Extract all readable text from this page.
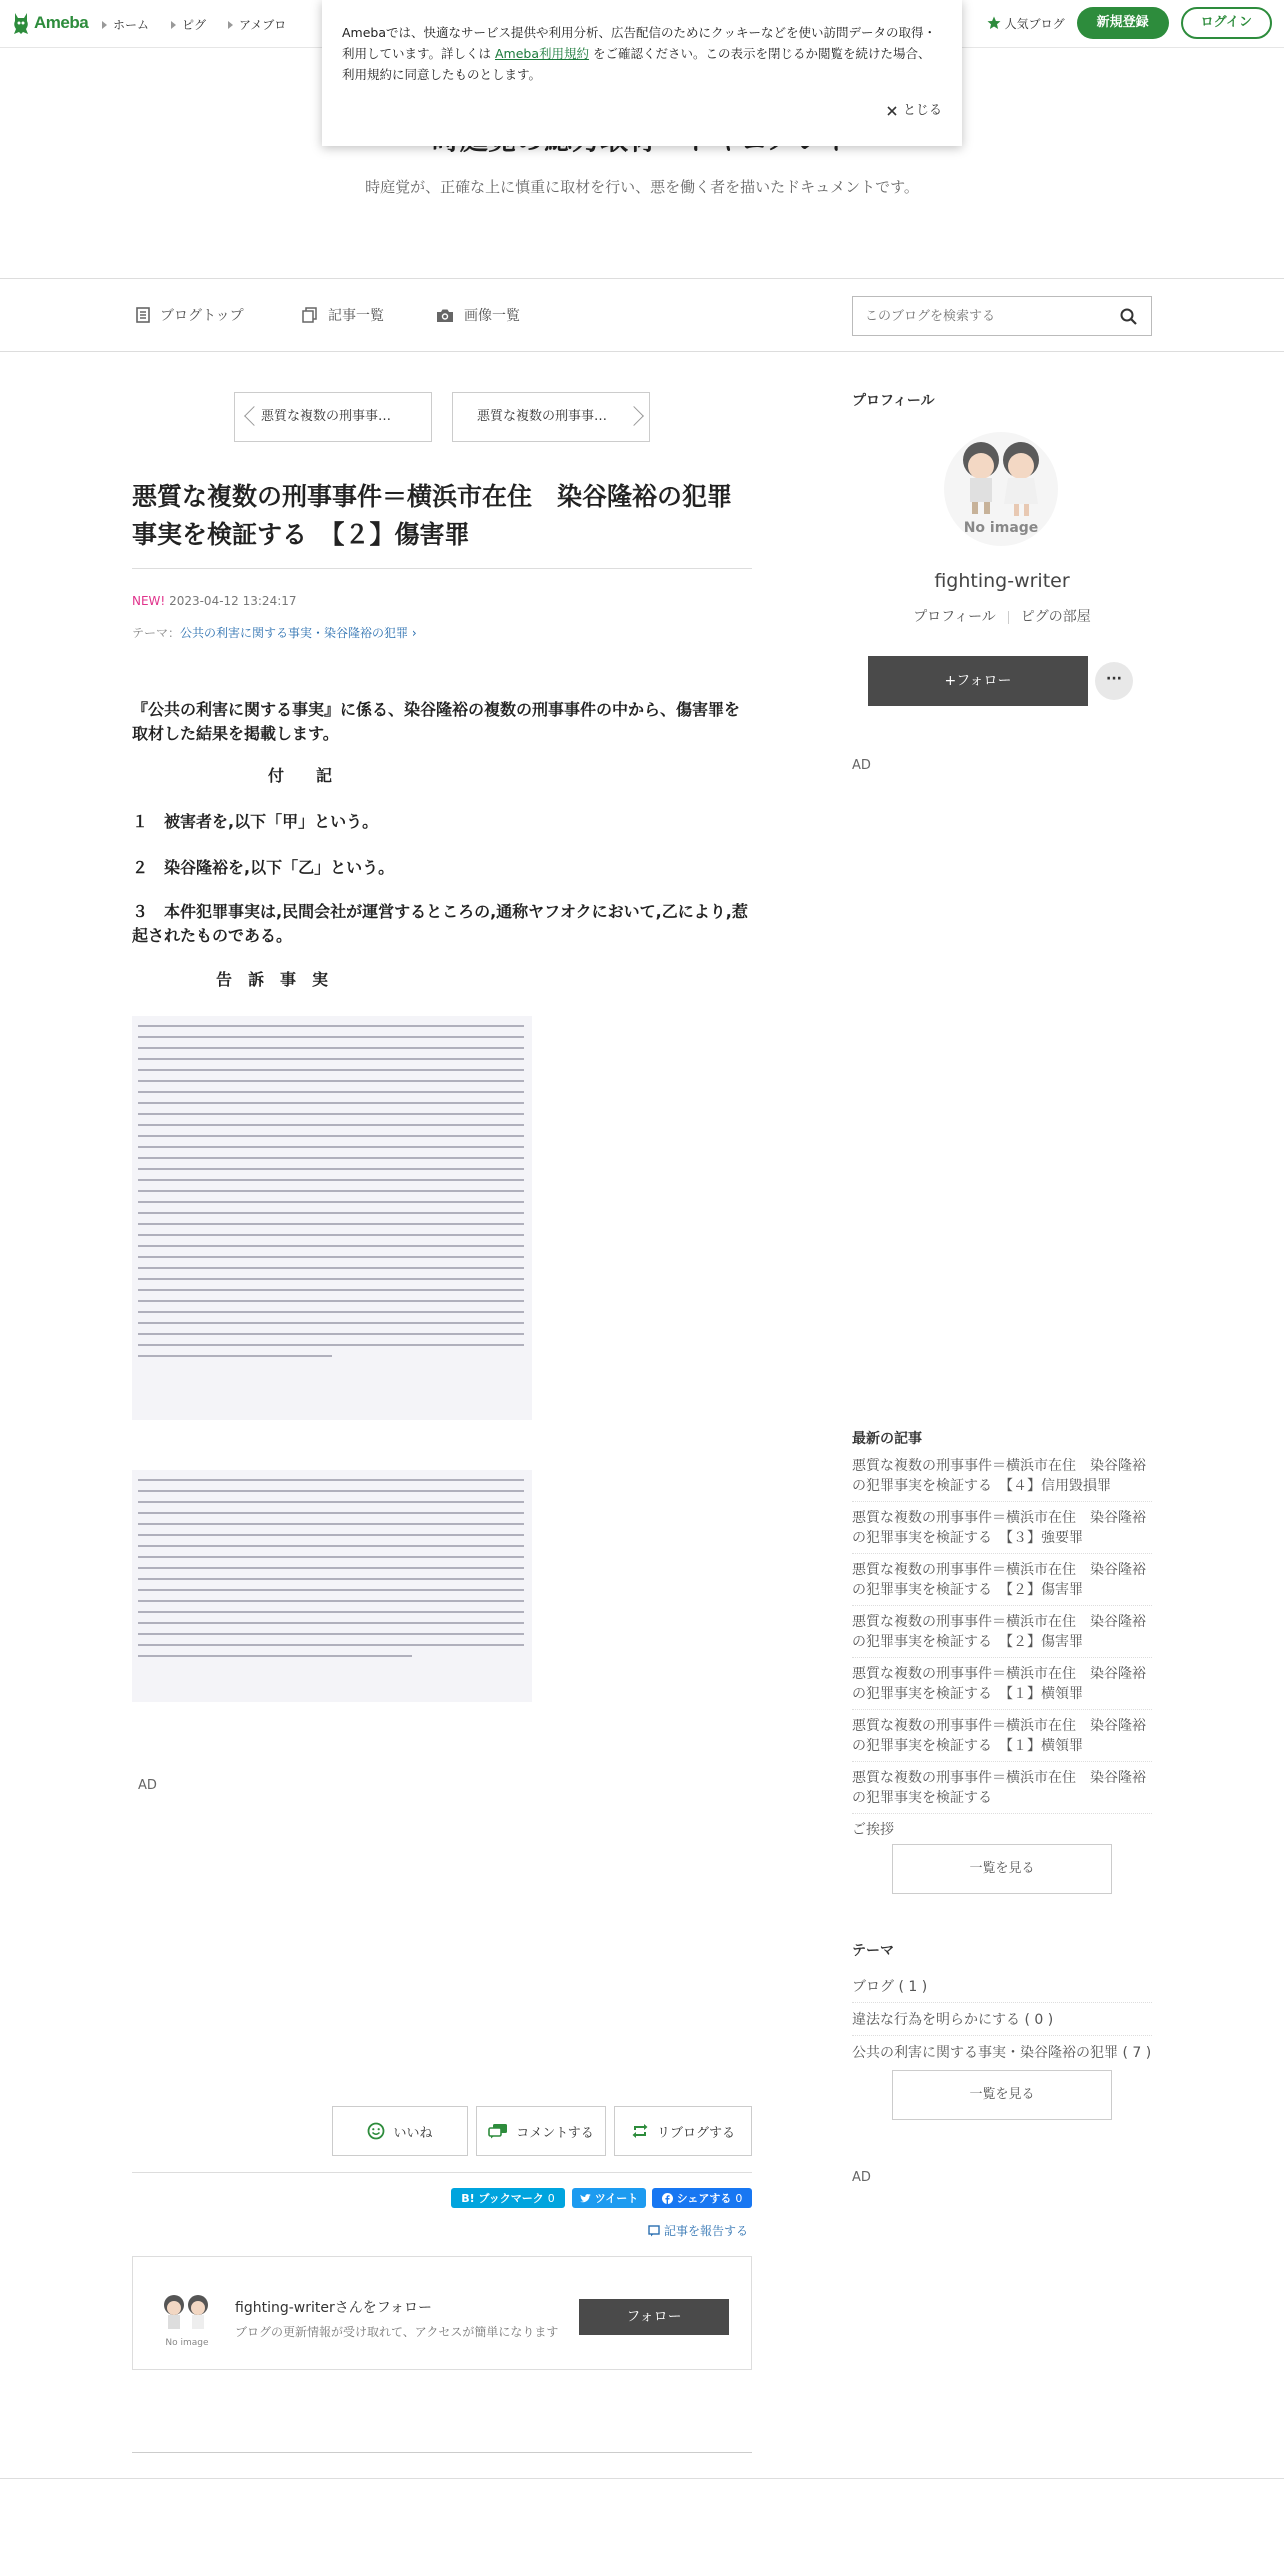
Ameba ホーム	ピグ	アメブロ	人気ブログ	新規登録	ログイン
Amebaでは、快適なサービス提供や利用分析、広告配信のためにクッキーなどを使い訪問データの取得・利用しています。詳しくは Ameba利用規約 をご確認ください。この表示を閉じるか閲覧を続けた場合、利用規約に同意したものとします。
とじる
時庭覚が、正確な上に慎重に取材を行い、悪を働く者を描いたドキュメントです。
ブログトップ	記事一覧	画像一覧
このブログを検索する
悪質な複数の刑事事…	悪質な複数の刑事事…
悪質な複数の刑事事件＝横浜市在住　染谷隆裕の犯罪事実を検証する　【２】傷害罪
NEW! 2023-04-12 13:24:17
テーマ：公共の利害に関する事実・染谷隆裕の犯罪 ›

『公共の利害に関する事実』に係る、染谷隆裕の複数の刑事事件の中から、傷害罪を取材した結果を掲載します。

付　　記

１　被害者を,以下「甲」という。

２　染谷隆裕を,以下「乙」という。

３　本件犯罪事実は,民間会社が運営するところの,通称ヤフオクにおいて,乙により,惹起されたものである。

告　訴　事　実

AD
いいね	コメントする	リブログする
B! ブックマーク 0	ツイート	シェアする 0
記事を報告する
No image
fighting-writerさんをフォロー
ブログの更新情報が受け取れて、アクセスが簡単になります
フォロー
プロフィール
No image
fighting-writer
プロフィール ピグの部屋
+フォロー	···
AD
最新の記事
悪質な複数の刑事事件＝横浜市在住　染谷隆裕の犯罪事実を検証する　【４】信用毀損罪
悪質な複数の刑事事件＝横浜市在住　染谷隆裕の犯罪事実を検証する　【３】強要罪
悪質な複数の刑事事件＝横浜市在住　染谷隆裕の犯罪事実を検証する　【２】傷害罪
悪質な複数の刑事事件＝横浜市在住　染谷隆裕の犯罪事実を検証する　【２】傷害罪
悪質な複数の刑事事件＝横浜市在住　染谷隆裕の犯罪事実を検証する　【１】横領罪
悪質な複数の刑事事件＝横浜市在住　染谷隆裕の犯罪事実を検証する　【１】横領罪
悪質な複数の刑事事件＝横浜市在住　染谷隆裕の犯罪事実を検証する
ご挨拶
一覧を見る
テーマ
ブログ ( 1 )
違法な行為を明らかにする ( 0 )
公共の利害に関する事実・染谷隆裕の犯罪 ( 7 )
一覧を見る
AD
